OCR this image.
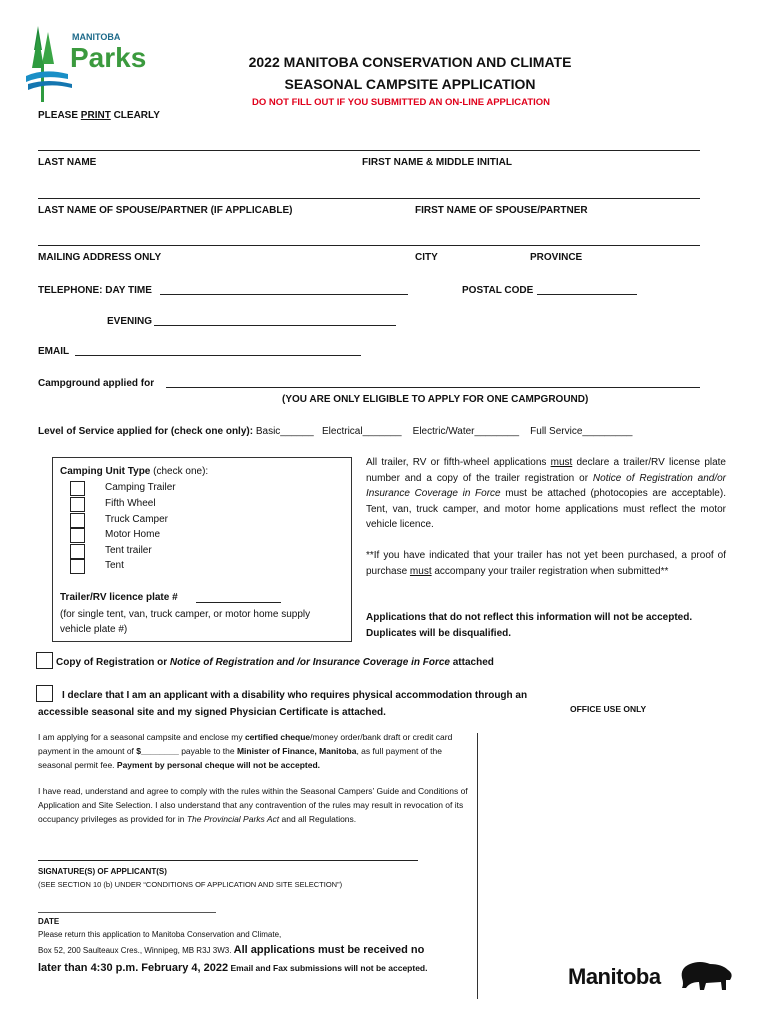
MANITOBA
Parks	2022 MANITOBA CONSERVATION AND CLIMATE
SEASONAL CAMPSITE APPLICATION
DO NOT FILL OUT IF YOU SUBMITTED AN ON-LINE APPLICATION
PLEASE PRINT CLEARLY
LAST NAME	FIRST NAME & MIDDLE INITIAL
LAST NAME OF SPOUSE/PARTNER (IF APPLICABLE)	FIRST NAME OF SPOUSE/PARTNER
MAILING ADDRESS ONLY	CITY	PROVINCE
TELEPHONE: DAY TIME	POSTAL CODE
EVENING
EMAIL
Campground applied for
(YOU ARE ONLY ELIGIBLE TO APPLY FOR ONE CAMPGROUND)
Level of Service applied for (check one only): Basic______ Electrical_______ Electric/Water________ Full Service_________
Camping Unit Type (check one):
Camping Trailer
Fifth Wheel
Truck Camper
Motor Home
Tent trailer
Tent
Trailer/RV licence plate #
(for single tent, van, truck camper, or motor home supply vehicle plate #)
All trailer, RV or fifth-wheel applications must declare a trailer/RV license plate number and a copy of the trailer registration or Notice of Registration and/or Insurance Coverage in Force must be attached (photocopies are acceptable). Tent, van, truck camper, and motor home applications must reflect the motor vehicle licence.
**If you have indicated that your trailer has not yet been purchased, a proof of purchase must accompany your trailer registration when submitted**
Applications that do not reflect this information will not be accepted. Duplicates will be disqualified.
Copy of Registration or Notice of Registration and /or Insurance Coverage in Force attached
I declare that I am an applicant with a disability who requires physical accommodation through an accessible seasonal site and my signed Physician Certificate is attached.	OFFICE USE ONLY
I am applying for a seasonal campsite and enclose my certified cheque/money order/bank draft or credit card payment in the amount of $________ payable to the Minister of Finance, Manitoba, as full payment of the seasonal permit fee. Payment by personal cheque will not be accepted.
I have read, understand and agree to comply with the rules within the Seasonal Campers’ Guide and Conditions of Application and Site Selection. I also understand that any contravention of the rules may result in revocation of its occupancy privileges as provided for in The Provincial Parks Act and all Regulations.
SIGNATURE(S) OF APPLICANT(S)
(SEE SECTION 10 (b) UNDER “CONDITIONS OF APPLICATION AND SITE SELECTION”)
DATE
Please return this application to Manitoba Conservation and Climate,
Box 52, 200 Saulteaux Cres., Winnipeg, MB R3J 3W3. All applications must be received no
later than 4:30 p.m. February 4, 2022 Email and Fax submissions will not be accepted.	Manitoba
